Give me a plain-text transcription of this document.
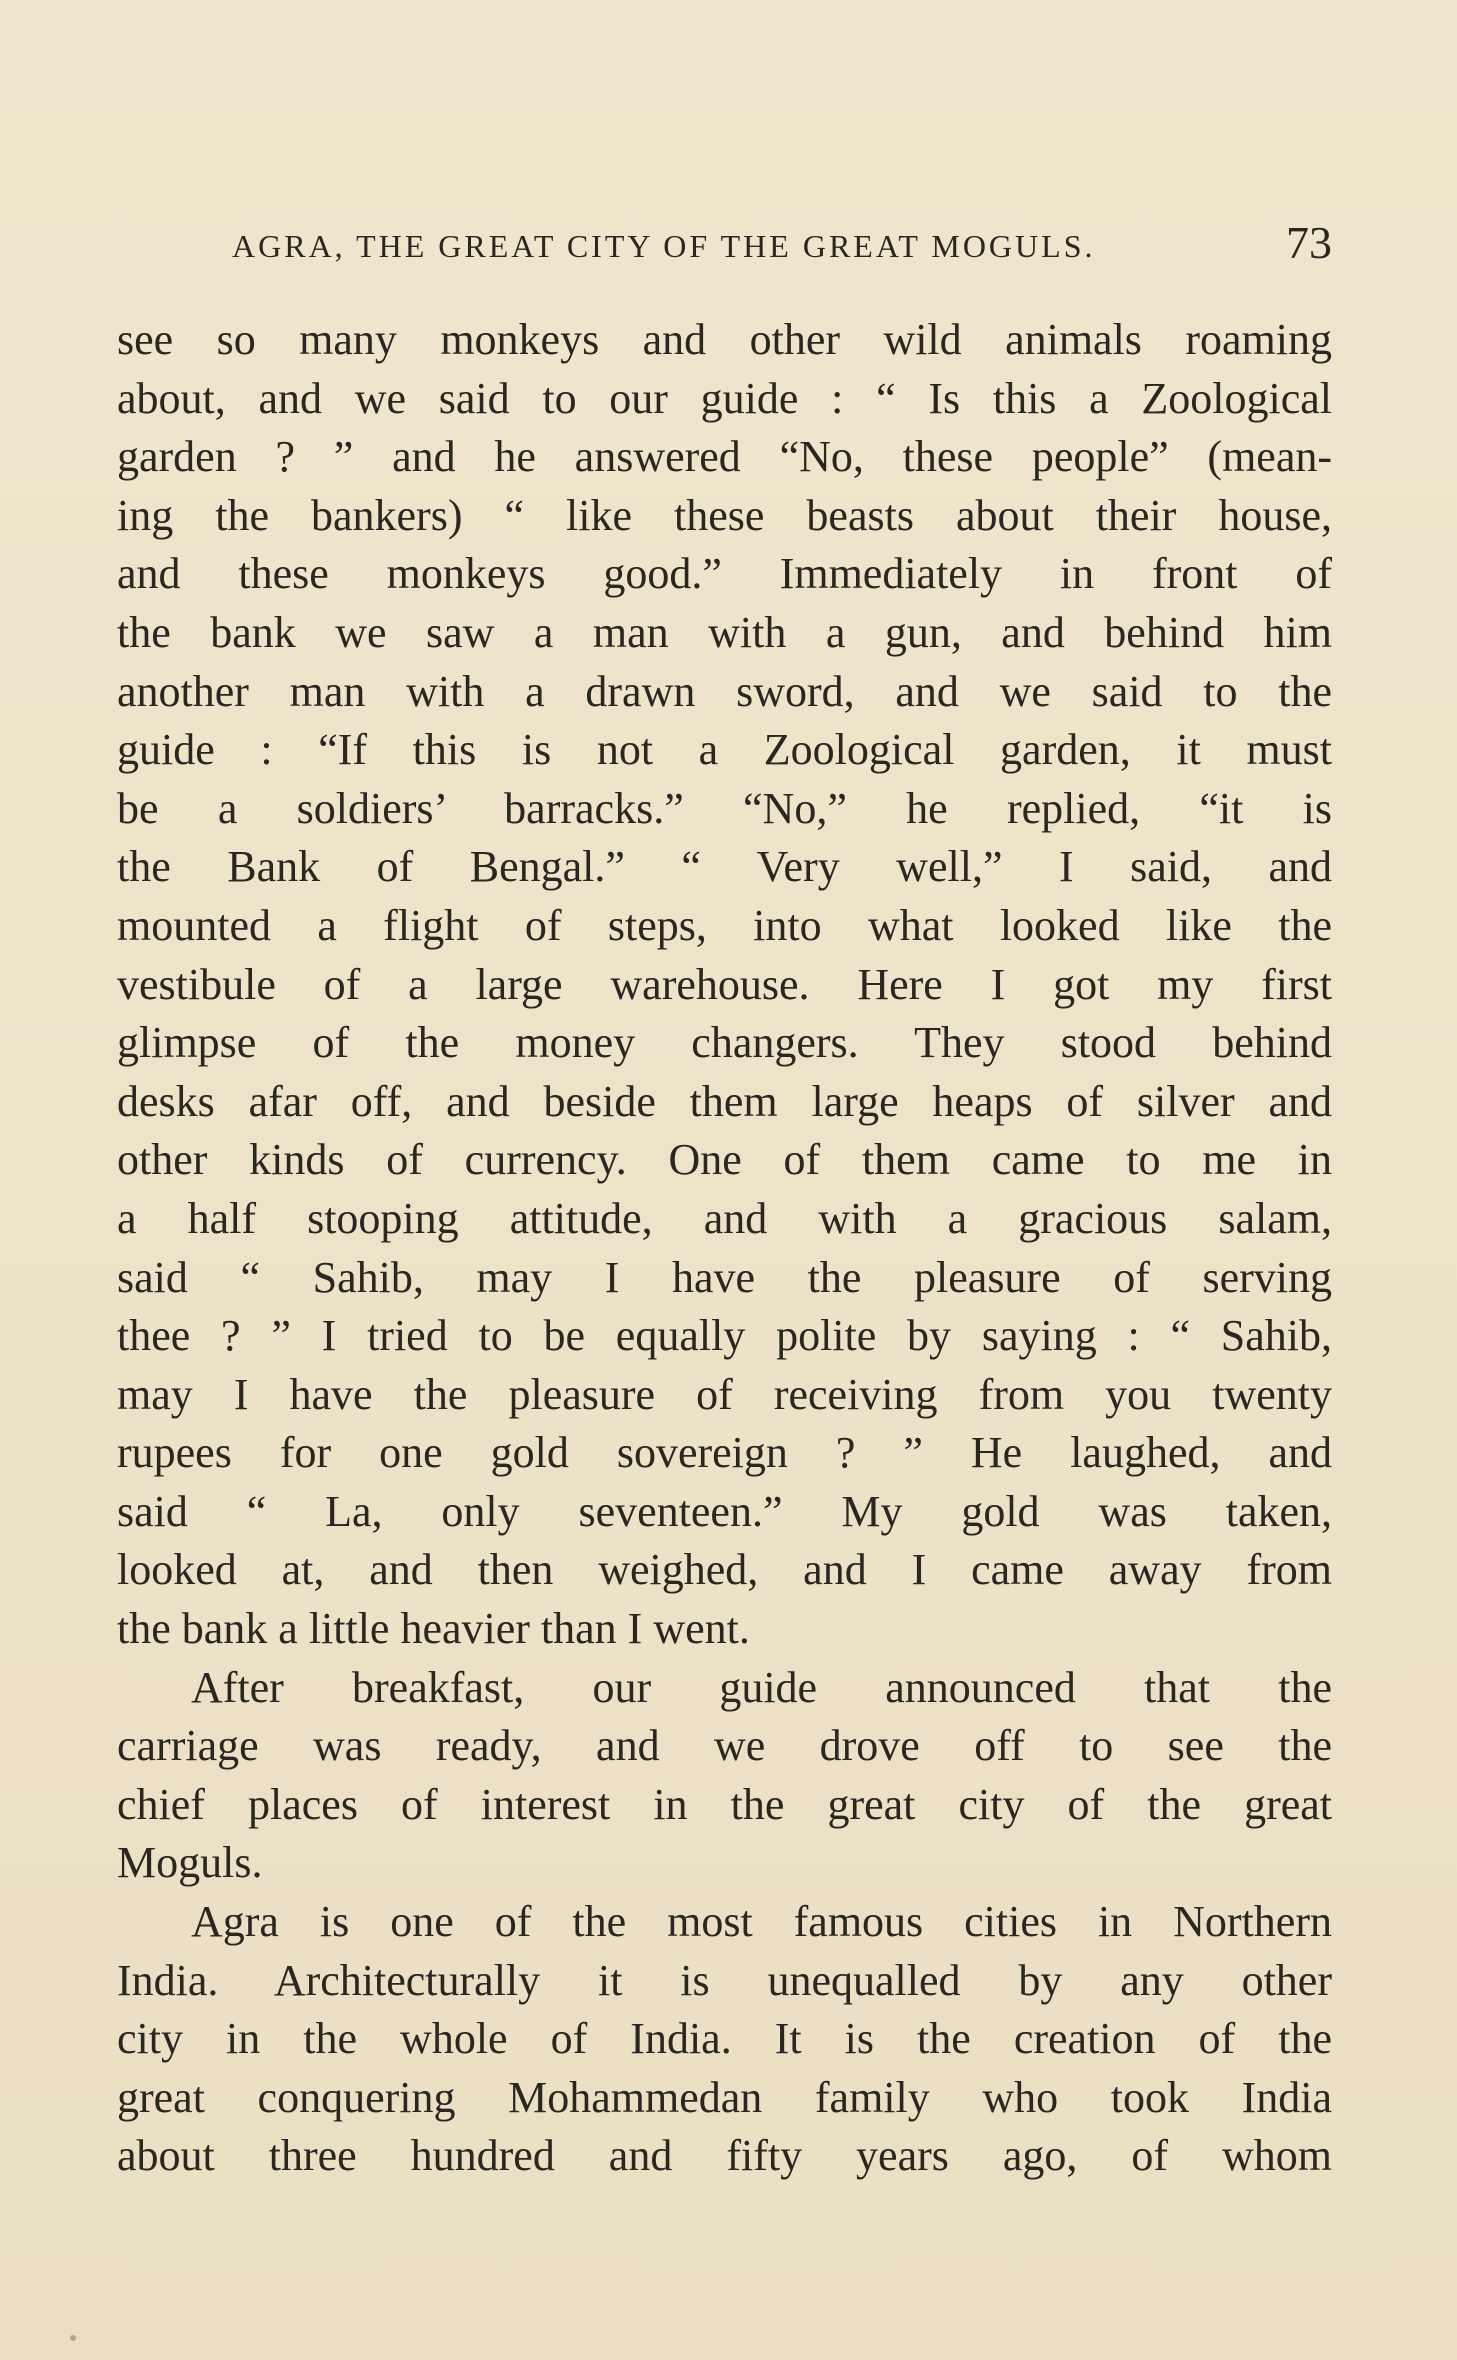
AGRA, THE GREAT CITY OF THE GREAT MOGULS.	73

see so many monkeys and other wild animals roaming
about, and we said to our guide : “ Is this a Zoological
garden ? ” and he answered “No, these people” (mean-
ing the bankers) “ like these beasts about their house,
and these monkeys good.” Immediately in front of
the bank we saw a man with a gun, and behind him
another man with a drawn sword, and we said to the
guide : “If this is not a Zoological garden, it must
be a soldiers’ barracks.” “No,” he replied, “it is
the Bank of Bengal.” “ Very well,” I said, and
mounted a flight of steps, into what looked like the
vestibule of a large warehouse. Here I got my first
glimpse of the money changers. They stood behind
desks afar off, and beside them large heaps of silver and
other kinds of currency. One of them came to me in
a half stooping attitude, and with a gracious salam,
said “ Sahib, may I have the pleasure of serving
thee ? ” I tried to be equally polite by saying : “ Sahib,
may I have the pleasure of receiving from you twenty
rupees for one gold sovereign ? ” He laughed, and
said “ La, only seventeen.” My gold was taken,
looked at, and then weighed, and I came away from
the bank a little heavier than I went.

After breakfast, our guide announced that the
carriage was ready, and we drove off to see the
chief places of interest in the great city of the great
Moguls.

Agra is one of the most famous cities in Northern
India. Architecturally it is unequalled by any other
city in the whole of India. It is the creation of the
great conquering Mohammedan family who took India
about three hundred and fifty years ago, of whom
